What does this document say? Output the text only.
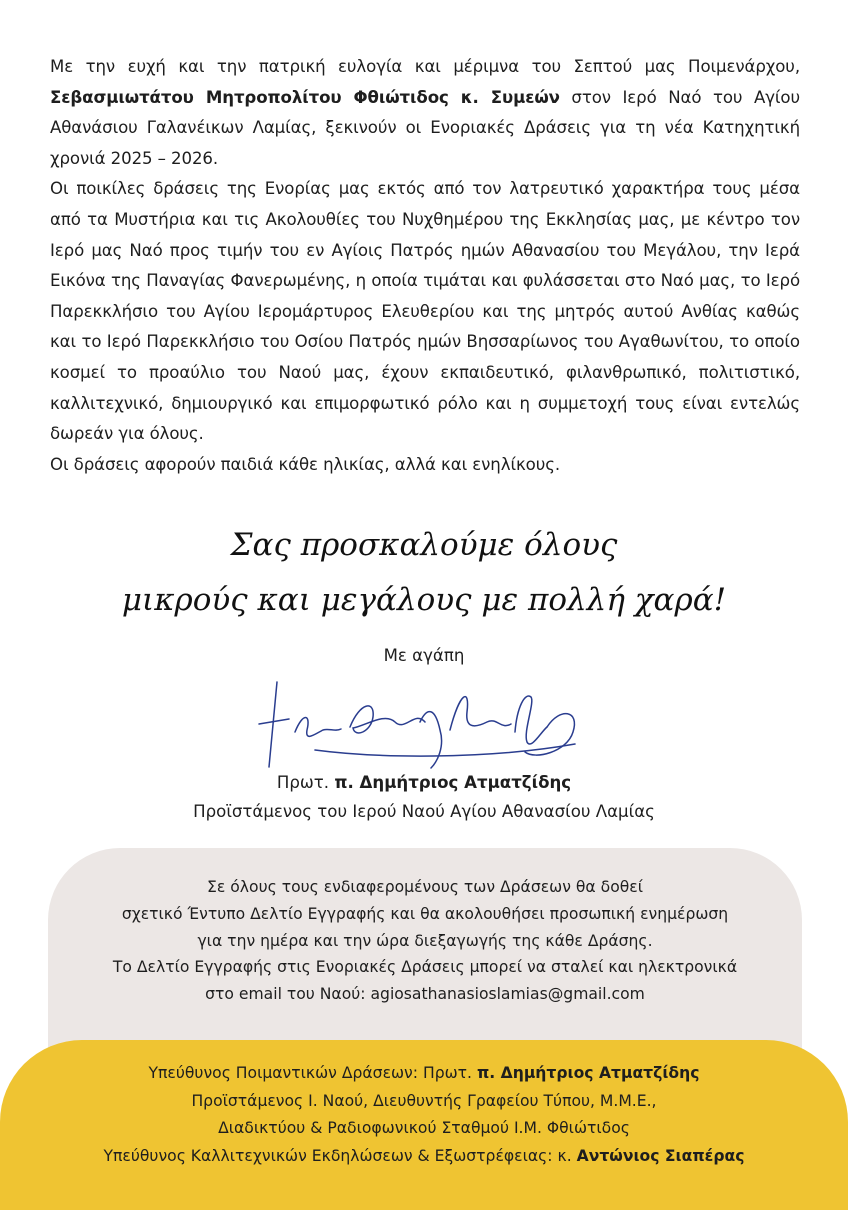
Με την ευχή και την πατρική ευλογία και μέριμνα του Σεπτού μας Ποιμενάρχου, Σεβασμιωτάτου Μητροπολίτου Φθιώτιδος κ. Συμεών στον Ιερό Ναό του Αγίου Αθανάσιου Γαλανέικων Λαμίας, ξεκινούν οι Ενοριακές Δράσεις για τη νέα Κατηχητική χρονιά 2025 – 2026.

Οι ποικίλες δράσεις της Ενορίας μας εκτός από τον λατρευτικό χαρακτήρα τους μέσα από τα Μυστήρια και τις Ακολουθίες του Νυχθημέρου της Εκκλησίας μας, με κέντρο τον Ιερό μας Ναό προς τιμήν του εν Αγίοις Πατρός ημών Αθανασίου του Μεγάλου, την Ιερά Εικόνα της Παναγίας Φανερωμένης, η οποία τιμάται και φυλάσσεται στο Ναό μας, το Ιερό Παρεκκλήσιο του Αγίου Ιερομάρτυρος Ελευθερίου και της μητρός αυτού Ανθίας καθώς και το Ιερό Παρεκκλήσιο του Οσίου Πατρός ημών Βησσαρίωνος του Αγαθωνίτου, το οποίο κοσμεί το προαύλιο του Ναού μας, έχουν εκπαιδευτικό, φιλανθρωπικό, πολιτιστικό, καλλιτεχνικό, δημιουργικό και επιμορφωτικό ρόλο και η συμμετοχή τους είναι εντελώς δωρεάν για όλους.

Οι δράσεις αφορούν παιδιά κάθε ηλικίας, αλλά και ενηλίκους.

Σας προσκαλούμε όλους
μικρούς και μεγάλους με πολλή χαρά!
Με αγάπη
Πρωτ. π. Δημήτριος Ατματζίδης
Προϊστάμενος του Ιερού Ναού Αγίου Αθανασίου Λαμίας
Σε όλους τους ενδιαφερομένους των Δράσεων θα δοθεί
σχετικό Έντυπο Δελτίο Εγγραφής και θα ακολουθήσει προσωπική ενημέρωση
για την ημέρα και την ώρα διεξαγωγής της κάθε Δράσης.
Το Δελτίο Εγγραφής στις Ενοριακές Δράσεις μπορεί να σταλεί και ηλεκτρονικά
στο email του Ναού: agiosathanasioslamias@gmail.com
Υπεύθυνος Ποιμαντικών Δράσεων: Πρωτ. π. Δημήτριος Ατματζίδης
Προϊστάμενος Ι. Ναού, Διευθυντής Γραφείου Τύπου, Μ.Μ.Ε.,
Διαδικτύου & Ραδιοφωνικού Σταθμού Ι.Μ. Φθιώτιδος
Υπεύθυνος Καλλιτεχνικών Εκδηλώσεων & Εξωστρέφειας: κ. Αντώνιος Σιαπέρας
